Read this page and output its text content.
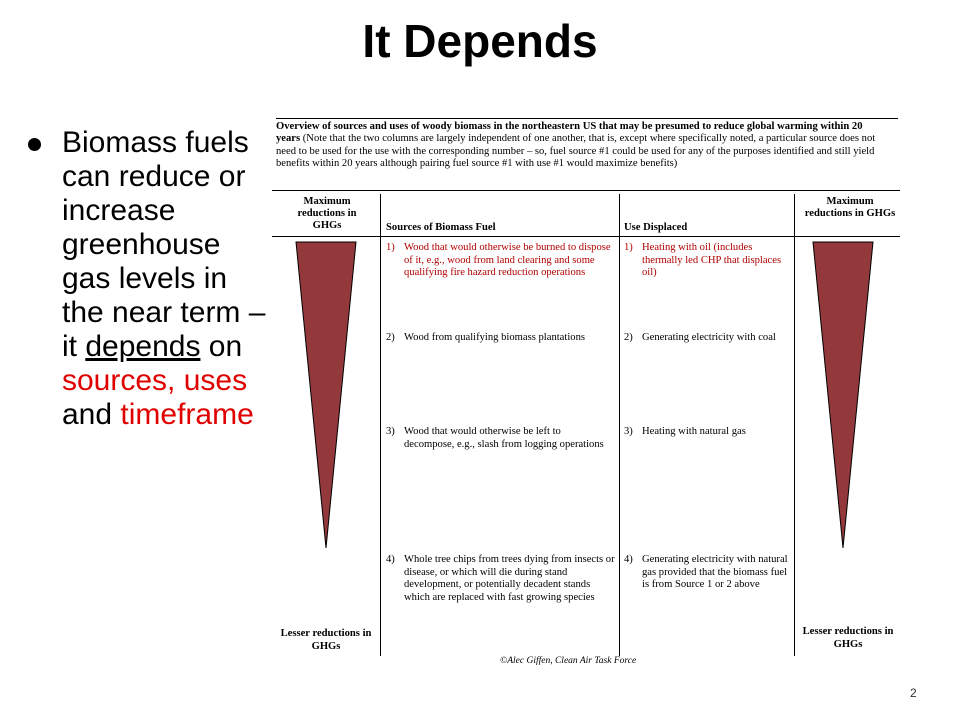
It Depends
Biomass fuels can reduce or increase greenhouse gas levels in the near term – it depends on sources, uses and timeframe
Overview of sources and uses of woody biomass in the northeastern US that may be presumed to reduce global warming within 20 years (Note that the two columns are largely independent of one another, that is, except where specifically noted, a particular source does not need to be used for the use with the corresponding number – so, fuel source #1 could be used for any of the purposes identified and still yield benefits within 20 years although pairing fuel source #1 with use #1 would maximize benefits)
Maximum reductions in GHGs	Sources of Biomass Fuel	Use Displaced
Maximum reductions in GHGs
1) Wood that would otherwise be burned to dispose of it, e.g., wood from land clearing and some qualifying fire hazard reduction operations
2) Wood from qualifying biomass plantations
3) Wood that would otherwise be left to decompose, e.g., slash from logging operations
4) Whole tree chips from trees dying from insects or disease, or which will die during stand development, or potentially decadent stands which are replaced with fast growing species
1) Heating with oil (includes thermally led CHP that displaces oil)
2) Generating electricity with coal
3) Heating with natural gas
4) Generating electricity with natural gas provided that the biomass fuel is from Source 1 or 2 above
Lesser reductions in GHGs
Lesser reductions in GHGs
©Alec Giffen, Clean Air Task Force
2
